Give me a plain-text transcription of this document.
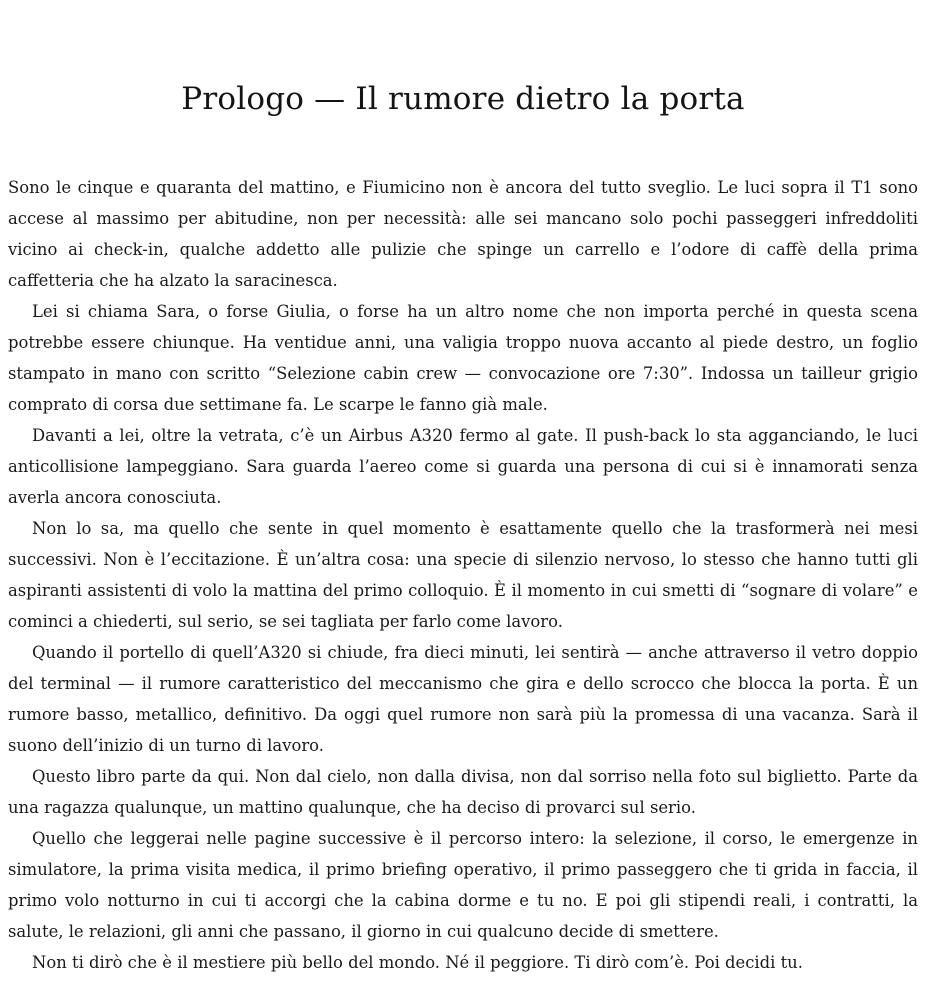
Prologo — Il rumore dietro la porta

Sono le cinque e quaranta del mattino, e Fiumicino non è ancora del tutto sveglio. Le luci sopra il T1 sono accese al massimo per abitudine, non per necessità: alle sei mancano solo pochi passeggeri infreddoliti vicino ai check-in, qualche addetto alle pulizie che spinge un carrello e l’odore di caffè della prima caffetteria che ha alzato la saracinesca.

Lei si chiama Sara, o forse Giulia, o forse ha un altro nome che non importa perché in questa scena potrebbe essere chiunque. Ha ventidue anni, una valigia troppo nuova accanto al piede destro, un foglio stampato in mano con scritto “Selezione cabin crew — convocazione ore 7:30”. Indossa un tailleur grigio comprato di corsa due settimane fa. Le scarpe le fanno già male.

Davanti a lei, oltre la vetrata, c’è un Airbus A320 fermo al gate. Il push-back lo sta agganciando, le luci anticollisione lampeggiano. Sara guarda l’aereo come si guarda una persona di cui si è innamorati senza averla ancora conosciuta.

Non lo sa, ma quello che sente in quel momento è esattamente quello che la trasformerà nei mesi successivi. Non è l’eccitazione. È un’altra cosa: una specie di silenzio nervoso, lo stesso che hanno tutti gli aspiranti assistenti di volo la mattina del primo colloquio. È il momento in cui smetti di “sognare di volare” e cominci a chiederti, sul serio, se sei tagliata per farlo come lavoro.

Quando il portello di quell’A320 si chiude, fra dieci minuti, lei sentirà — anche attraverso il vetro doppio del terminal — il rumore caratteristico del meccanismo che gira e dello scrocco che blocca la porta. È un rumore basso, metallico, definitivo. Da oggi quel rumore non sarà più la promessa di una vacanza. Sarà il suono dell’inizio di un turno di lavoro.

Questo libro parte da qui. Non dal cielo, non dalla divisa, non dal sorriso nella foto sul biglietto. Parte da una ragazza qualunque, un mattino qualunque, che ha deciso di provarci sul serio.

Quello che leggerai nelle pagine successive è il percorso intero: la selezione, il corso, le emergenze in simulatore, la prima visita medica, il primo briefing operativo, il primo passeggero che ti grida in faccia, il primo volo notturno in cui ti accorgi che la cabina dorme e tu no. E poi gli stipendi reali, i contratti, la salute, le relazioni, gli anni che passano, il giorno in cui qualcuno decide di smettere.

Non ti dirò che è il mestiere più bello del mondo. Né il peggiore. Ti dirò com’è. Poi decidi tu.
